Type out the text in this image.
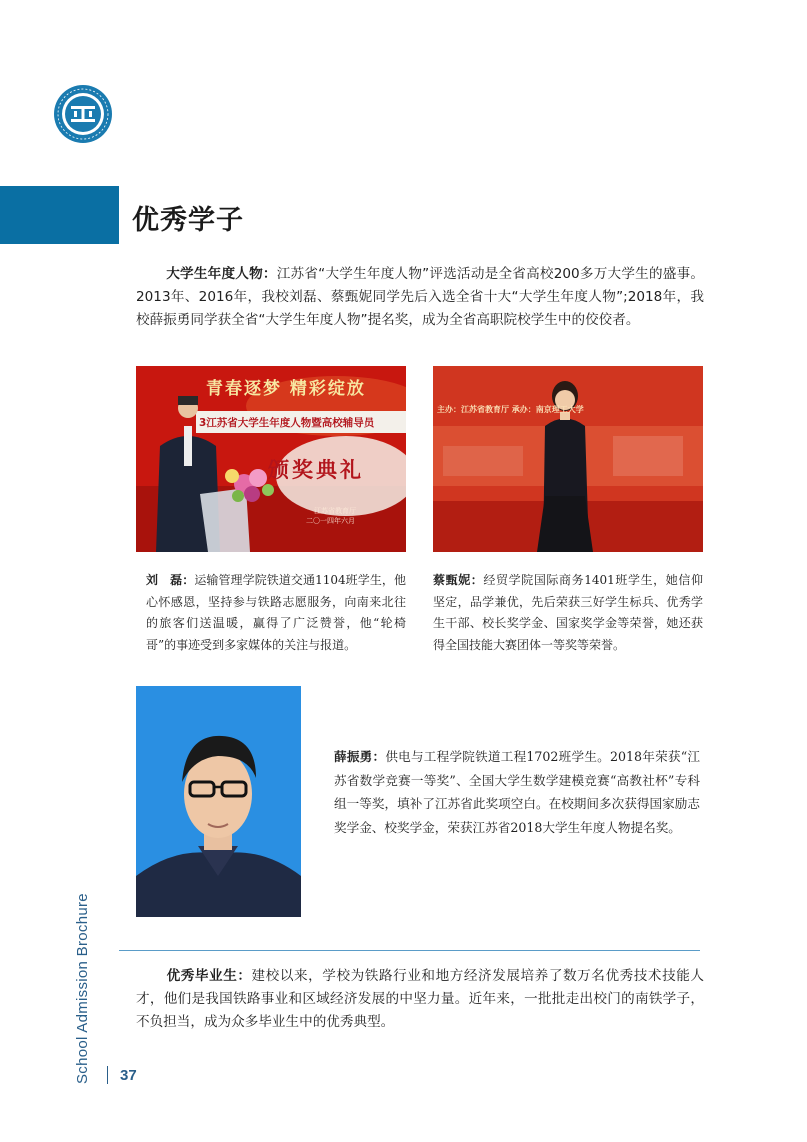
优秀学子
大学生年度人物：江苏省“大学生年度人物”评选活动是全省高校200多万大学生的盛事。2013年、2016年，我校刘磊、蔡甄妮同学先后入选全省十大“大学生年度人物”;2018年，我校薛振勇同学获全省“大学生年度人物”提名奖，成为全省高职院校学生中的佼佼者。
青春逐梦 精彩绽放
3江苏省大学生年度人物暨高校辅导员
颁奖典礼
江苏省教育厅
二〇一四年六月
主办：江苏省教育厅 承办：南京理工大学
刘　磊：运输管理学院铁道交通1104班学生，他心怀感恩，坚持参与铁路志愿服务，向南来北往的旅客们送温暖，赢得了广泛赞誉，他“轮椅哥”的事迹受到多家媒体的关注与报道。
蔡甄妮：经贸学院国际商务1401班学生，她信仰坚定，品学兼优，先后荣获三好学生标兵、优秀学生干部、校长奖学金、国家奖学金等荣誉，她还获得全国技能大赛团体一等奖等荣誉。
薛振勇：供电与工程学院铁道工程1702班学生。2018年荣获“江苏省数学竞赛一等奖”、全国大学生数学建模竞赛“高教社杯”专科组一等奖，填补了江苏省此奖项空白。在校期间多次获得国家励志奖学金、校奖学金，荣获江苏省2018大学生年度人物提名奖。
优秀毕业生：建校以来，学校为铁路行业和地方经济发展培养了数万名优秀技术技能人才，他们是我国铁路事业和区域经济发展的中坚力量。近年来，一批批走出校门的南铁学子，不负担当，成为众多毕业生中的优秀典型。
School Admission Brochure 37
